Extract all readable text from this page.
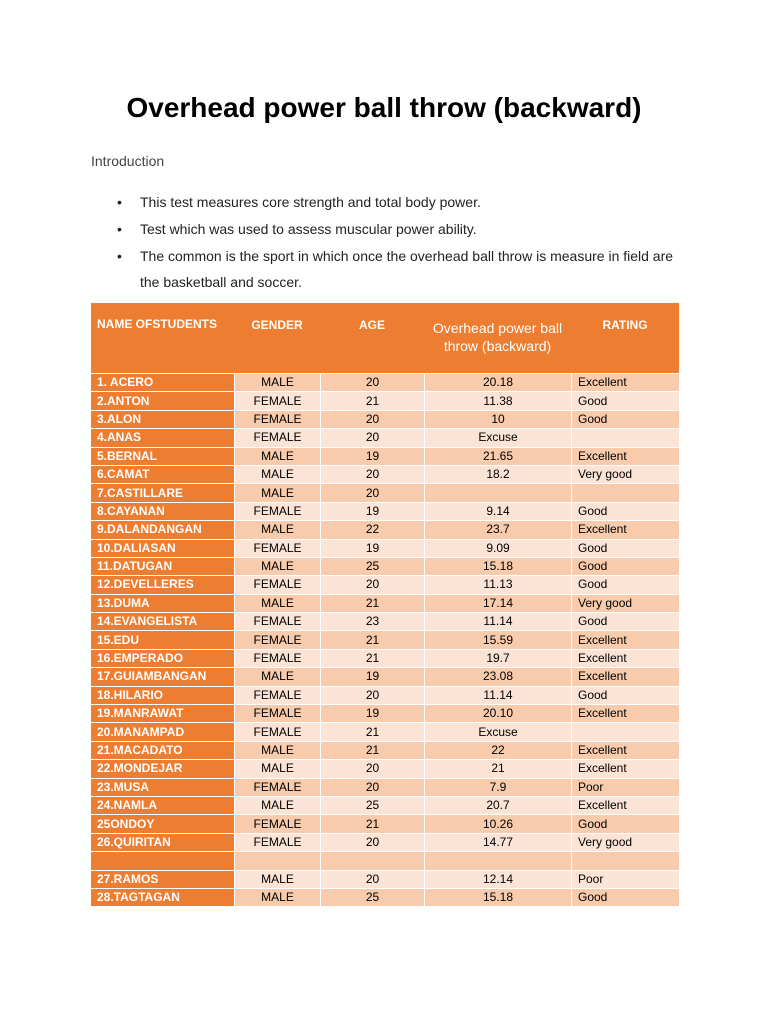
Overhead power ball throw (backward)

Introduction

• This test measures core strength and total body power.
• Test which was used to assess muscular power ability.
• The common is the sport in which once the overhead ball throw is measure in field are the basketball and soccer.
NAME OFSTUDENTS	GENDER	AGE	Overhead power ball throw (backward)	RATING

1. ACERO	MALE	20	20.18	Excellent
2.ANTON	FEMALE	21	11.38	Good
3.ALON	FEMALE	20	10	Good
4.ANAS	FEMALE	20	Excuse	
5.BERNAL	MALE	19	21.65	Excellent
6.CAMAT	MALE	20	18.2	Very good
7.CASTILLARE	MALE	20		
8.CAYANAN	FEMALE	19	9.14	Good
9.DALANDANGAN	MALE	22	23.7	Excellent
10.DALIASAN	FEMALE	19	9.09	Good
11.DATUGAN	MALE	25	15.18	Good
12.DEVELLERES	FEMALE	20	11.13	Good
13.DUMA	MALE	21	17.14	Very good
14.EVANGELISTA	FEMALE	23	11.14	Good
15.EDU	FEMALE	21	15.59	Excellent
16.EMPERADO	FEMALE	21	19.7	Excellent
17.GUIAMBANGAN	MALE	19	23.08	Excellent
18.HILARIO	FEMALE	20	11.14	Good
19.MANRAWAT	FEMALE	19	20.10	Excellent
20.MANAMPAD	FEMALE	21	Excuse	
21.MACADATO	MALE	21	22	Excellent
22.MONDEJAR	MALE	20	21	Excellent
23.MUSA	FEMALE	20	7.9	Poor
24.NAMLA	MALE	25	20.7	Excellent
25ONDOY	FEMALE	21	10.26	Good
26.QUIRITAN	FEMALE	20	14.77	Very good

27.RAMOS	MALE	20	12.14	Poor
28.TAGTAGAN	MALE	25	15.18	Good
